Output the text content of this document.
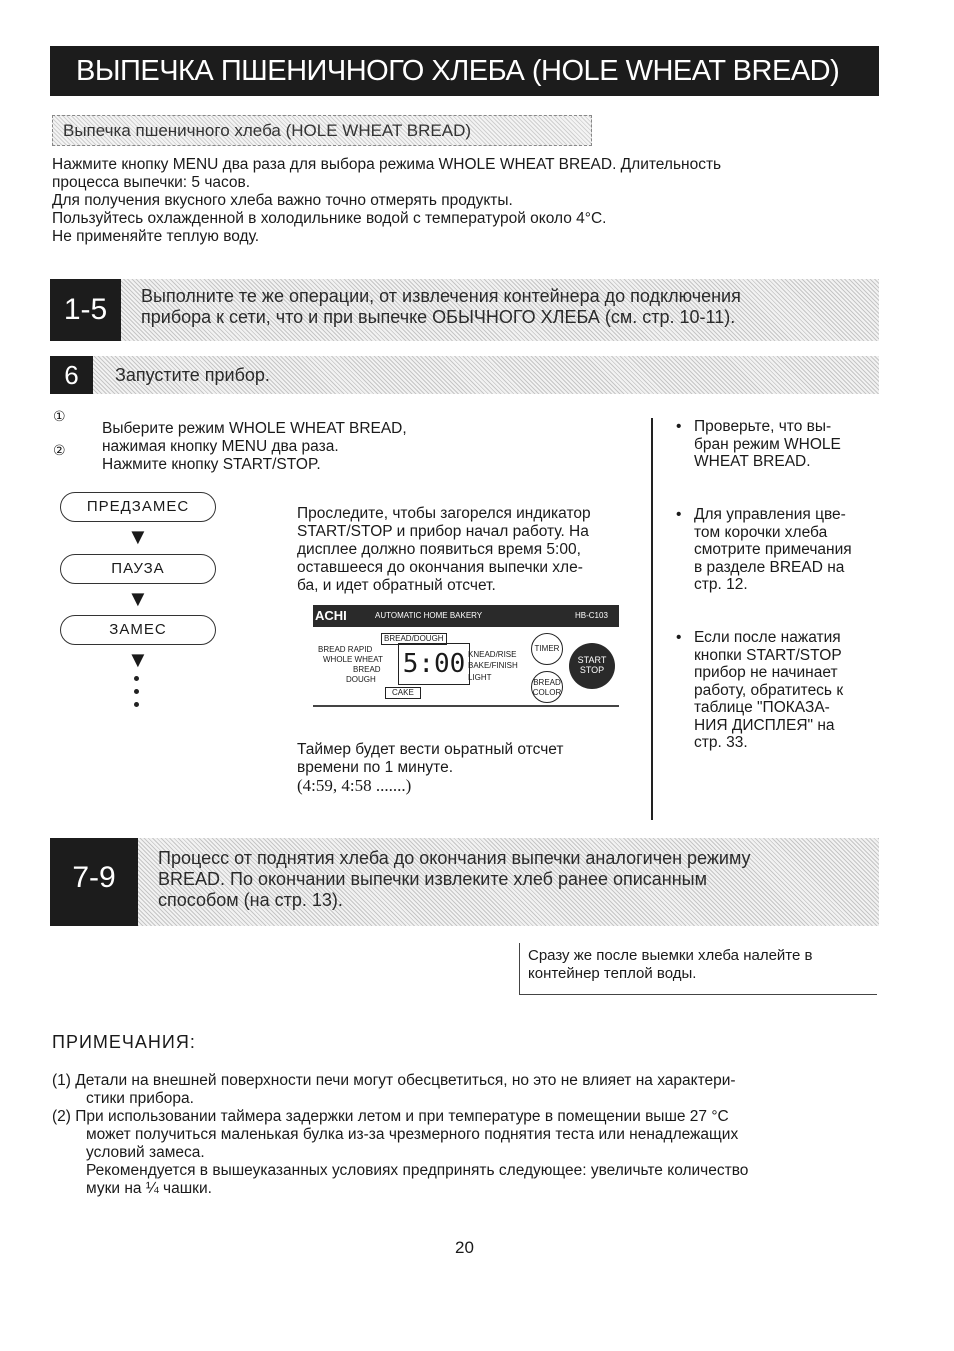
ВЫПЕЧКА ПШЕНИЧНОГО ХЛЕБА (HOLE WHEAT BREAD)
Выпечка пшеничного хлеба (HOLE WHEAT BREAD)

Нажмите кнопку MENU два раза для выбора режима WHOLE WHEAT BREAD. Длительность

процесса выпечки: 5 часов.

Для получения вкусного хлеба важно точно отмерять продукты.

Пользуйтесь охлажденной в холодильнике водой с температурой около 4°С.

Не применяйте теплую воду.

1-5	Выполните те же операции, от извлечения контейнера до подключения
прибора к сети, что и при выпечке ОБЫЧНОГО ХЛЕБА (см. стр. 10-11).
6	Запустите прибор.
①
②
Выберите режим WHOLE WHEAT BREAD,
нажимая кнопку MENU два раза.
Нажмите кнопку START/STOP.
ПРЕДЗАМЕС
▼
ПАУЗА
▼
ЗАМЕС
▼
Проследите, чтобы загорелся индикатор
START/STOP и прибор начал работу. На
дисплее должно появиться время 5:00,
оставшееся до окончания выпечки хле-
ба, и идет обратный отсчет.
ACHI	AUTOMATIC HOME BAKERY	HB-C103
BREAD/DOUGH
BREAD RAPID
WHOLE WHEAT
BREAD
DOUGH
CAKE
5:00 KNEAD/RISE
BAKE/FINISH
LIGHT
TIMER
BREAD COLOR
START
STOP
Таймер будет вести оьратный отсчет
времени по 1 минуте.
(4:59, 4:58 .......)
• Проверьте, что вы-
бран режим WHOLE
WHEAT BREAD.
• Для управления цве-
том корочки хлеба
смотрите примечания
в разделе BREAD на
стр. 12.
• Если после нажатия
кнопки START/STOP
прибор не начинает
работу, обратитесь к
таблице "ПОКАЗА-
НИЯ ДИСПЛЕЯ" на
стр. 33.
7-9
Процесс от поднятия хлеба до окончания выпечки аналогичен режиму
BREAD. По окончании выпечки извлеките хлеб ранее описанным
способом (на стр. 13).
Сразу же после выемки хлеба налейте в
контейнер теплой воды.
ПРИМЕЧАНИЯ:

(1) Детали на внешней поверхности печи могут обесцветиться, но это не влияет на характери-

стики прибора.

(2) При использовании таймера задержки летом и при температуре в помещении выше 27 °С

может получиться маленькая булка из-за чрезмерного поднятия теста или ненадлежащих

условий замеса.

Рекомендуется в вышеуказанных условиях предпринять следующее: увеличьте количество

муки на ¼ чашки.

20
